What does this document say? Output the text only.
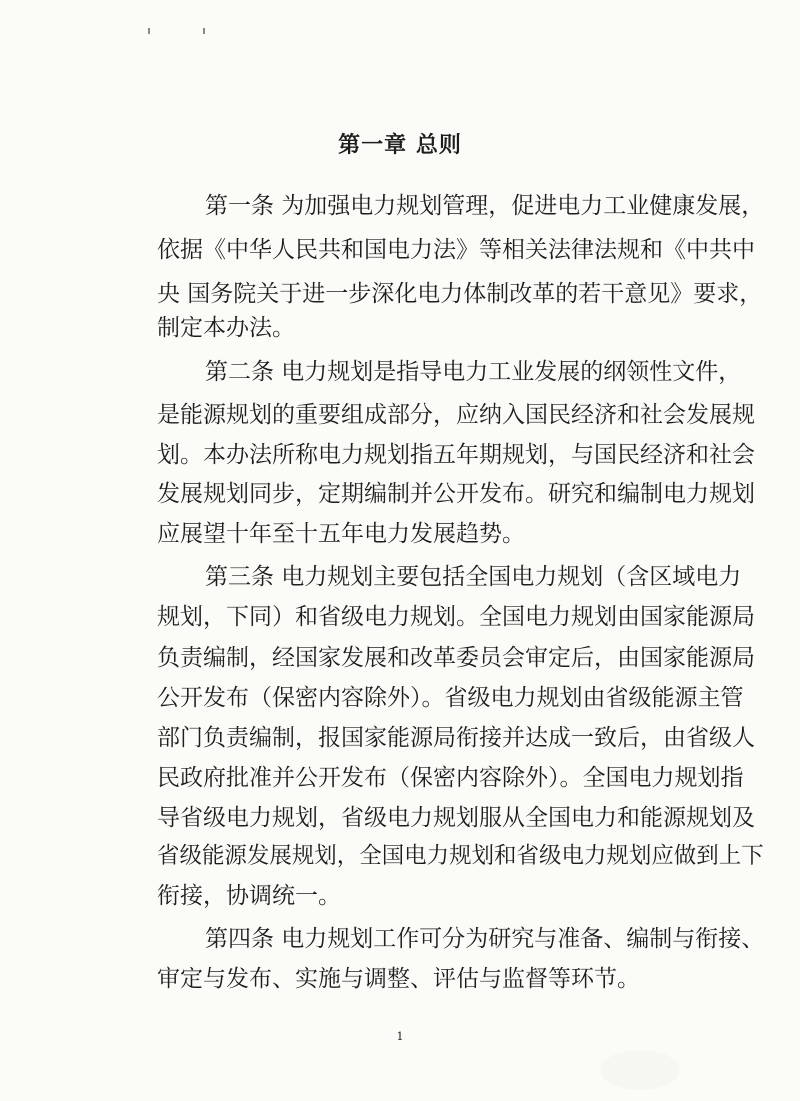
第一章 总则

第一条 为加强电力规划管理，促进电力工业健康发展，

依据《中华人民共和国电力法》等相关法律法规和《中共中

央 国务院关于进一步深化电力体制改革的若干意见》要求，

制定本办法。

第二条 电力规划是指导电力工业发展的纲领性文件，

是能源规划的重要组成部分，应纳入国民经济和社会发展规

划。本办法所称电力规划指五年期规划，与国民经济和社会

发展规划同步，定期编制并公开发布。研究和编制电力规划

应展望十年至十五年电力发展趋势。

第三条 电力规划主要包括全国电力规划（含区域电力

规划，下同）和省级电力规划。全国电力规划由国家能源局

负责编制，经国家发展和改革委员会审定后，由国家能源局

公开发布（保密内容除外）。省级电力规划由省级能源主管

部门负责编制，报国家能源局衔接并达成一致后，由省级人

民政府批准并公开发布（保密内容除外）。全国电力规划指

导省级电力规划，省级电力规划服从全国电力和能源规划及

省级能源发展规划，全国电力规划和省级电力规划应做到上下

衔接，协调统一。

第四条 电力规划工作可分为研究与准备、编制与衔接、

审定与发布、实施与调整、评估与监督等环节。

1
